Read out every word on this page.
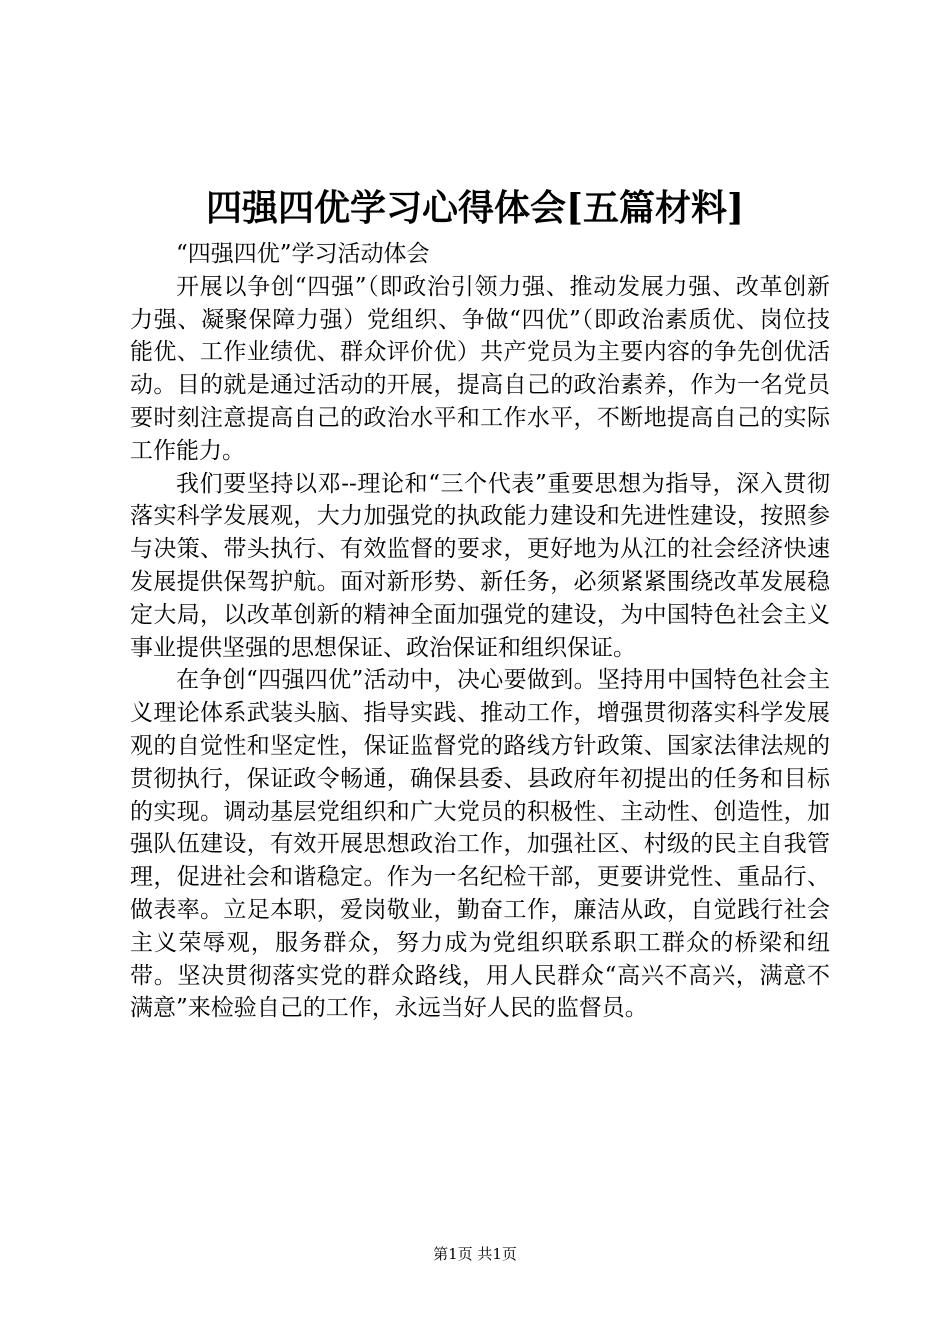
四强四优学习心得体会[五篇材料]

“四强四优”学习活动体会

开展以争创“四强”（即政治引领力强、推动发展力强、改革创新力强、凝聚保障力强）党组织、争做“四优”（即政治素质优、岗位技能优、工作业绩优、群众评价优）共产党员为主要内容的争先创优活动。目的就是通过活动的开展，提高自己的政治素养，作为一名党员要时刻注意提高自己的政治水平和工作水平，不断地提高自己的实际工作能力。

我们要坚持以邓--理论和“三个代表”重要思想为指导，深入贯彻落实科学发展观，大力加强党的执政能力建设和先进性建设，按照参与决策、带头执行、有效监督的要求，更好地为从江的社会经济快速发展提供保驾护航。面对新形势、新任务，必须紧紧围绕改革发展稳定大局，以改革创新的精神全面加强党的建设，为中国特色社会主义事业提供坚强的思想保证、政治保证和组织保证。

在争创“四强四优”活动中，决心要做到。坚持用中国特色社会主义理论体系武装头脑、指导实践、推动工作，增强贯彻落实科学发展观的自觉性和坚定性，保证监督党的路线方针政策、国家法律法规的贯彻执行，保证政令畅通，确保县委、县政府年初提出的任务和目标的实现。调动基层党组织和广大党员的积极性、主动性、创造性，加强队伍建设，有效开展思想政治工作，加强社区、村级的民主自我管理，促进社会和谐稳定。作为一名纪检干部，更要讲党性、重品行、做表率。立足本职，爱岗敬业，勤奋工作，廉洁从政，自觉践行社会主义荣辱观，服务群众，努力成为党组织联系职工群众的桥梁和纽带。坚决贯彻落实党的群众路线，用人民群众“高兴不高兴，满意不满意”来检验自己的工作，永远当好人民的监督员。

第1页 共1页
